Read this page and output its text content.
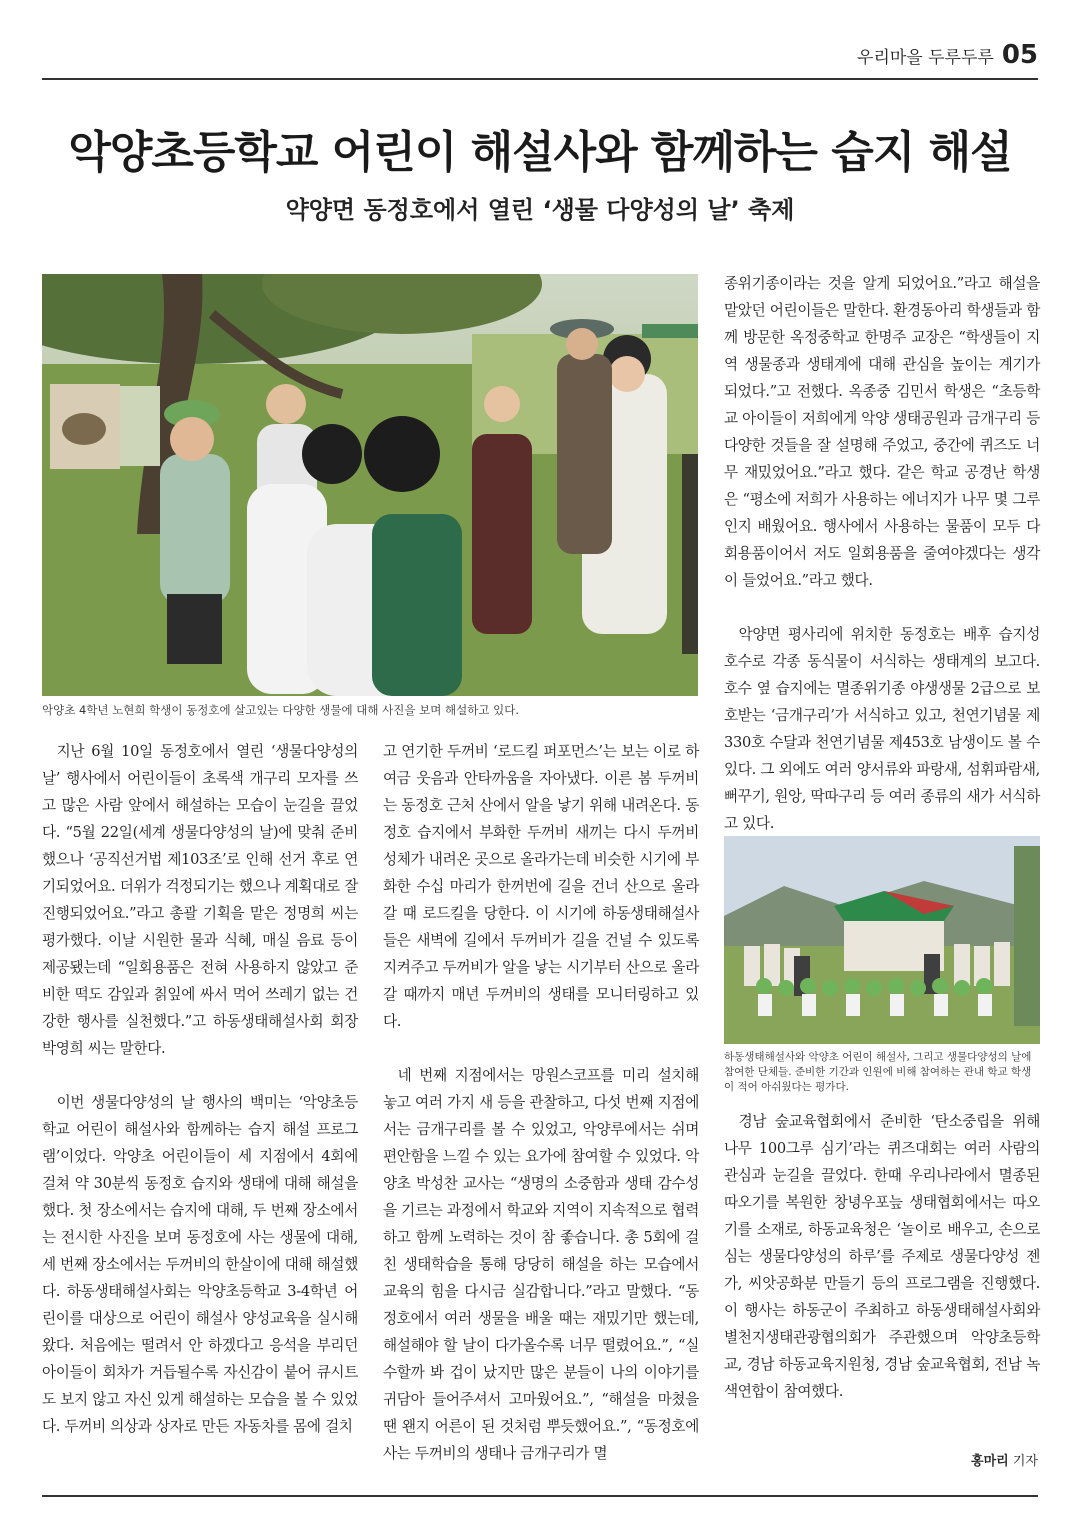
우리마을 두루두루 05
악양초등학교 어린이 해설사와 함께하는 습지 해설
약양면 동정호에서 열린 ‘생물 다양성의 날’ 축제

악양초 4학년 노현희 학생이 동정호에 살고있는 다양한 생물에 대해 사진을 보며 해설하고 있다.

하동생태해설사와 악양초 어린이 해설사, 그리고 생물다양성의 날에 참여한 단체들. 준비한 기간과 인원에 비해 참여하는 관내 학교 학생이 적어 아쉬웠다는 평가다.

지난 6월 10일 동정호에서 열린 ‘생물다양성의 날’ 행사에서 어린이들이 초록색 개구리 모자를 쓰고 많은 사람 앞에서 해설하는 모습이 눈길을 끌었다. “5월 22일(세계 생물다양성의 날)에 맞춰 준비했으나 ‘공직선거법 제103조’로 인해 선거 후로 연기되었어요. 더위가 걱정되기는 했으나 계획대로 잘 진행되었어요.”라고 총괄 기획을 맡은 정명희 씨는 평가했다. 이날 시원한 물과 식혜, 매실 음료 등이 제공됐는데 “일회용품은 전혀 사용하지 않았고 준비한 떡도 감잎과 칡잎에 싸서 먹어 쓰레기 없는 건강한 행사를 실천했다.”고 하동생태해설사회 회장 박영희 씨는 말한다.

이번 생물다양성의 날 행사의 백미는 ‘악양초등학교 어린이 해설사와 함께하는 습지 해설 프로그램’이었다. 악양초 어린이들이 세 지점에서 4회에 걸쳐 약 30분씩 동정호 습지와 생태에 대해 해설을 했다. 첫 장소에서는 습지에 대해, 두 번째 장소에서는 전시한 사진을 보며 동정호에 사는 생물에 대해, 세 번째 장소에서는 두꺼비의 한살이에 대해 해설했다. 하동생태해설사회는 악양초등학교 3-4학년 어린이를 대상으로 어린이 해설사 양성교육을 실시해 왔다. 처음에는 떨려서 안 하겠다고 응석을 부리던 아이들이 회차가 거듭될수록 자신감이 붙어 큐시트도 보지 않고 자신 있게 해설하는 모습을 볼 수 있었다. 두꺼비 의상과 상자로 만든 자동차를 몸에 걸치

고 연기한 두꺼비 ‘로드킬 퍼포먼스’는 보는 이로 하여금 웃음과 안타까움을 자아냈다. 이른 봄 두꺼비는 동정호 근처 산에서 알을 낳기 위해 내려온다. 동정호 습지에서 부화한 두꺼비 새끼는 다시 두꺼비 성체가 내려온 곳으로 올라가는데 비슷한 시기에 부화한 수십 마리가 한꺼번에 길을 건너 산으로 올라갈 때 로드킬을 당한다. 이 시기에 하동생태해설사들은 새벽에 길에서 두꺼비가 길을 건널 수 있도록 지켜주고 두꺼비가 알을 낳는 시기부터 산으로 올라갈 때까지 매년 두꺼비의 생태를 모니터링하고 있다.

네 번째 지점에서는 망원스코프를 미리 설치해 놓고 여러 가지 새 등을 관찰하고, 다섯 번째 지점에서는 금개구리를 볼 수 있었고, 악양루에서는 쉬며 편안함을 느낄 수 있는 요가에 참여할 수 있었다. 악양초 박성찬 교사는 “생명의 소중함과 생태 감수성을 기르는 과정에서 학교와 지역이 지속적으로 협력하고 함께 노력하는 것이 참 좋습니다. 총 5회에 걸친 생태학습을 통해 당당히 해설을 하는 모습에서 교육의 힘을 다시금 실감합니다.”라고 말했다. “동정호에서 여러 생물을 배울 때는 재밌기만 했는데, 해설해야 할 날이 다가올수록 너무 떨렸어요.”, “실수할까 봐 겁이 났지만 많은 분들이 나의 이야기를 귀담아 들어주셔서 고마웠어요.”, “해설을 마쳤을 땐 왠지 어른이 된 것처럼 뿌듯했어요.”, “동정호에 사는 두꺼비의 생태나 금개구리가 멸

종위기종이라는 것을 알게 되었어요.”라고 해설을 맡았던 어린이들은 말한다. 환경동아리 학생들과 함께 방문한 옥정중학교 한명주 교장은 “학생들이 지역 생물종과 생태계에 대해 관심을 높이는 계기가 되었다.”고 전했다. 옥종중 김민서 학생은 “초등학교 아이들이 저희에게 악양 생태공원과 금개구리 등 다양한 것들을 잘 설명해 주었고, 중간에 퀴즈도 너무 재밌었어요.”라고 했다. 같은 학교 공경난 학생은 “평소에 저희가 사용하는 에너지가 나무 몇 그루인지 배웠어요. 행사에서 사용하는 물품이 모두 다회용품이어서 저도 일회용품을 줄여야겠다는 생각이 들었어요.”라고 했다.

악양면 평사리에 위치한 동정호는 배후 습지성 호수로 각종 동식물이 서식하는 생태계의 보고다. 호수 옆 습지에는 멸종위기종 야생생물 2급으로 보호받는 ‘금개구리’가 서식하고 있고, 천연기념물 제330호 수달과 천연기념물 제453호 남생이도 볼 수 있다. 그 외에도 여러 양서류와 파랑새, 섬휘파람새, 뻐꾸기, 원앙, 딱따구리 등 여러 종류의 새가 서식하고 있다.

경남 숲교육협회에서 준비한 ‘탄소중립을 위해 나무 100그루 심기’라는 퀴즈대회는 여러 사람의 관심과 눈길을 끌었다. 한때 우리나라에서 멸종된 따오기를 복원한 창녕우포늪 생태협회에서는 따오기를 소재로, 하동교육청은 ‘놀이로 배우고, 손으로 심는 생물다양성의 하루’를 주제로 생물다양성 젠가, 씨앗공화분 만들기 등의 프로그램을 진행했다. 이 행사는 하동군이 주최하고 하동생태해설사회와 별천지생태관광협의회가 주관했으며 악양초등학교, 경남 하동교육지원청, 경남 숲교육협회, 전남 녹색연합이 참여했다.

홍마리 기자
